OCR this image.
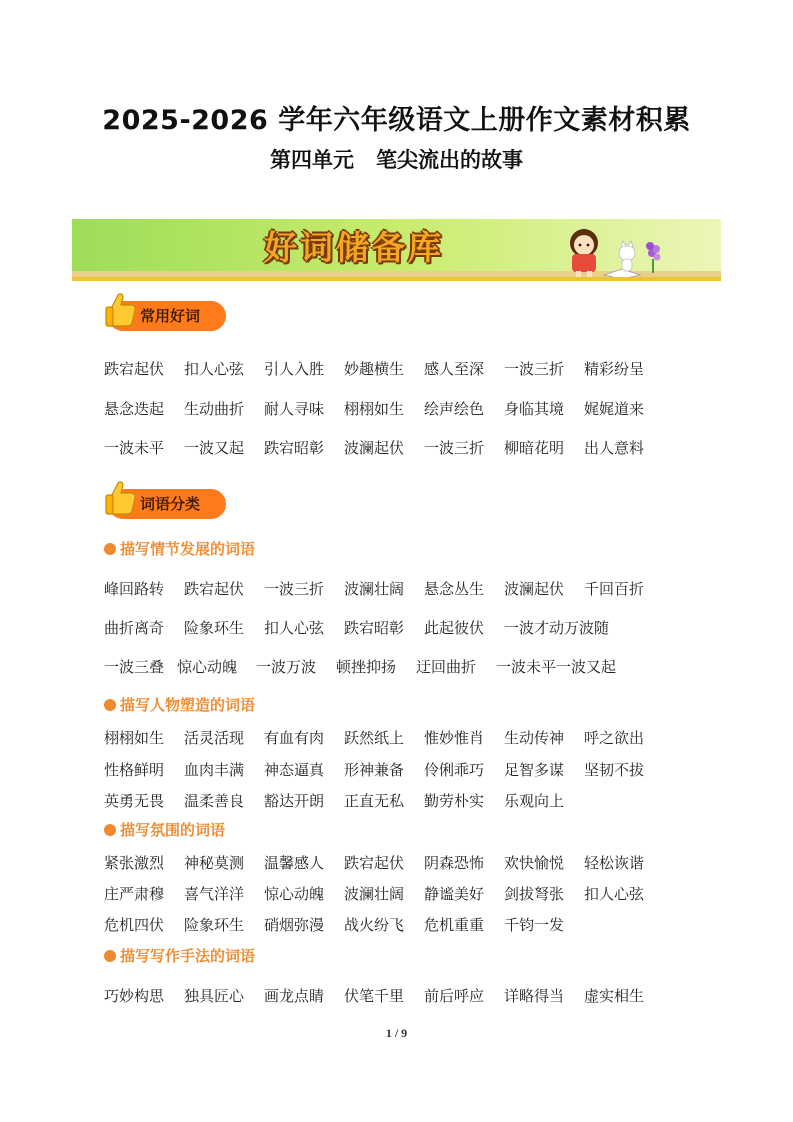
2025-2026 学年六年级语文上册作文素材积累
第四单元   笔尖流出的故事
好词储备库
常用好词
跌宕起伏 扣人心弦 引人入胜 妙趣横生 感人至深 一波三折 精彩纷呈
悬念迭起 生动曲折 耐人寻味 栩栩如生 绘声绘色 身临其境 娓娓道来
一波未平 一波又起 跌宕昭彰 波澜起伏 一波三折 柳暗花明 出人意料
词语分类
描写情节发展的词语
峰回路转 跌宕起伏 一波三折 波澜壮阔 悬念丛生 波澜起伏 千回百折
曲折离奇 险象环生 扣人心弦 跌宕昭彰 此起彼伏 一波才动万波随
一波三叠 惊心动魄 一波万波 顿挫抑扬 迂回曲折 一波未平一波又起
描写人物塑造的词语
栩栩如生 活灵活现 有血有肉 跃然纸上 惟妙惟肖 生动传神 呼之欲出
性格鲜明 血肉丰满 神态逼真 形神兼备 伶俐乖巧 足智多谋 坚韧不拔
英勇无畏 温柔善良 豁达开朗 正直无私 勤劳朴实 乐观向上
描写氛围的词语
紧张激烈 神秘莫测 温馨感人 跌宕起伏 阴森恐怖 欢快愉悦 轻松诙谐
庄严肃穆 喜气洋洋 惊心动魄 波澜壮阔 静谧美好 剑拔弩张 扣人心弦
危机四伏 险象环生 硝烟弥漫 战火纷飞 危机重重 千钧一发
描写写作手法的词语
巧妙构思 独具匠心 画龙点睛 伏笔千里 前后呼应 详略得当 虚实相生
1 / 9
